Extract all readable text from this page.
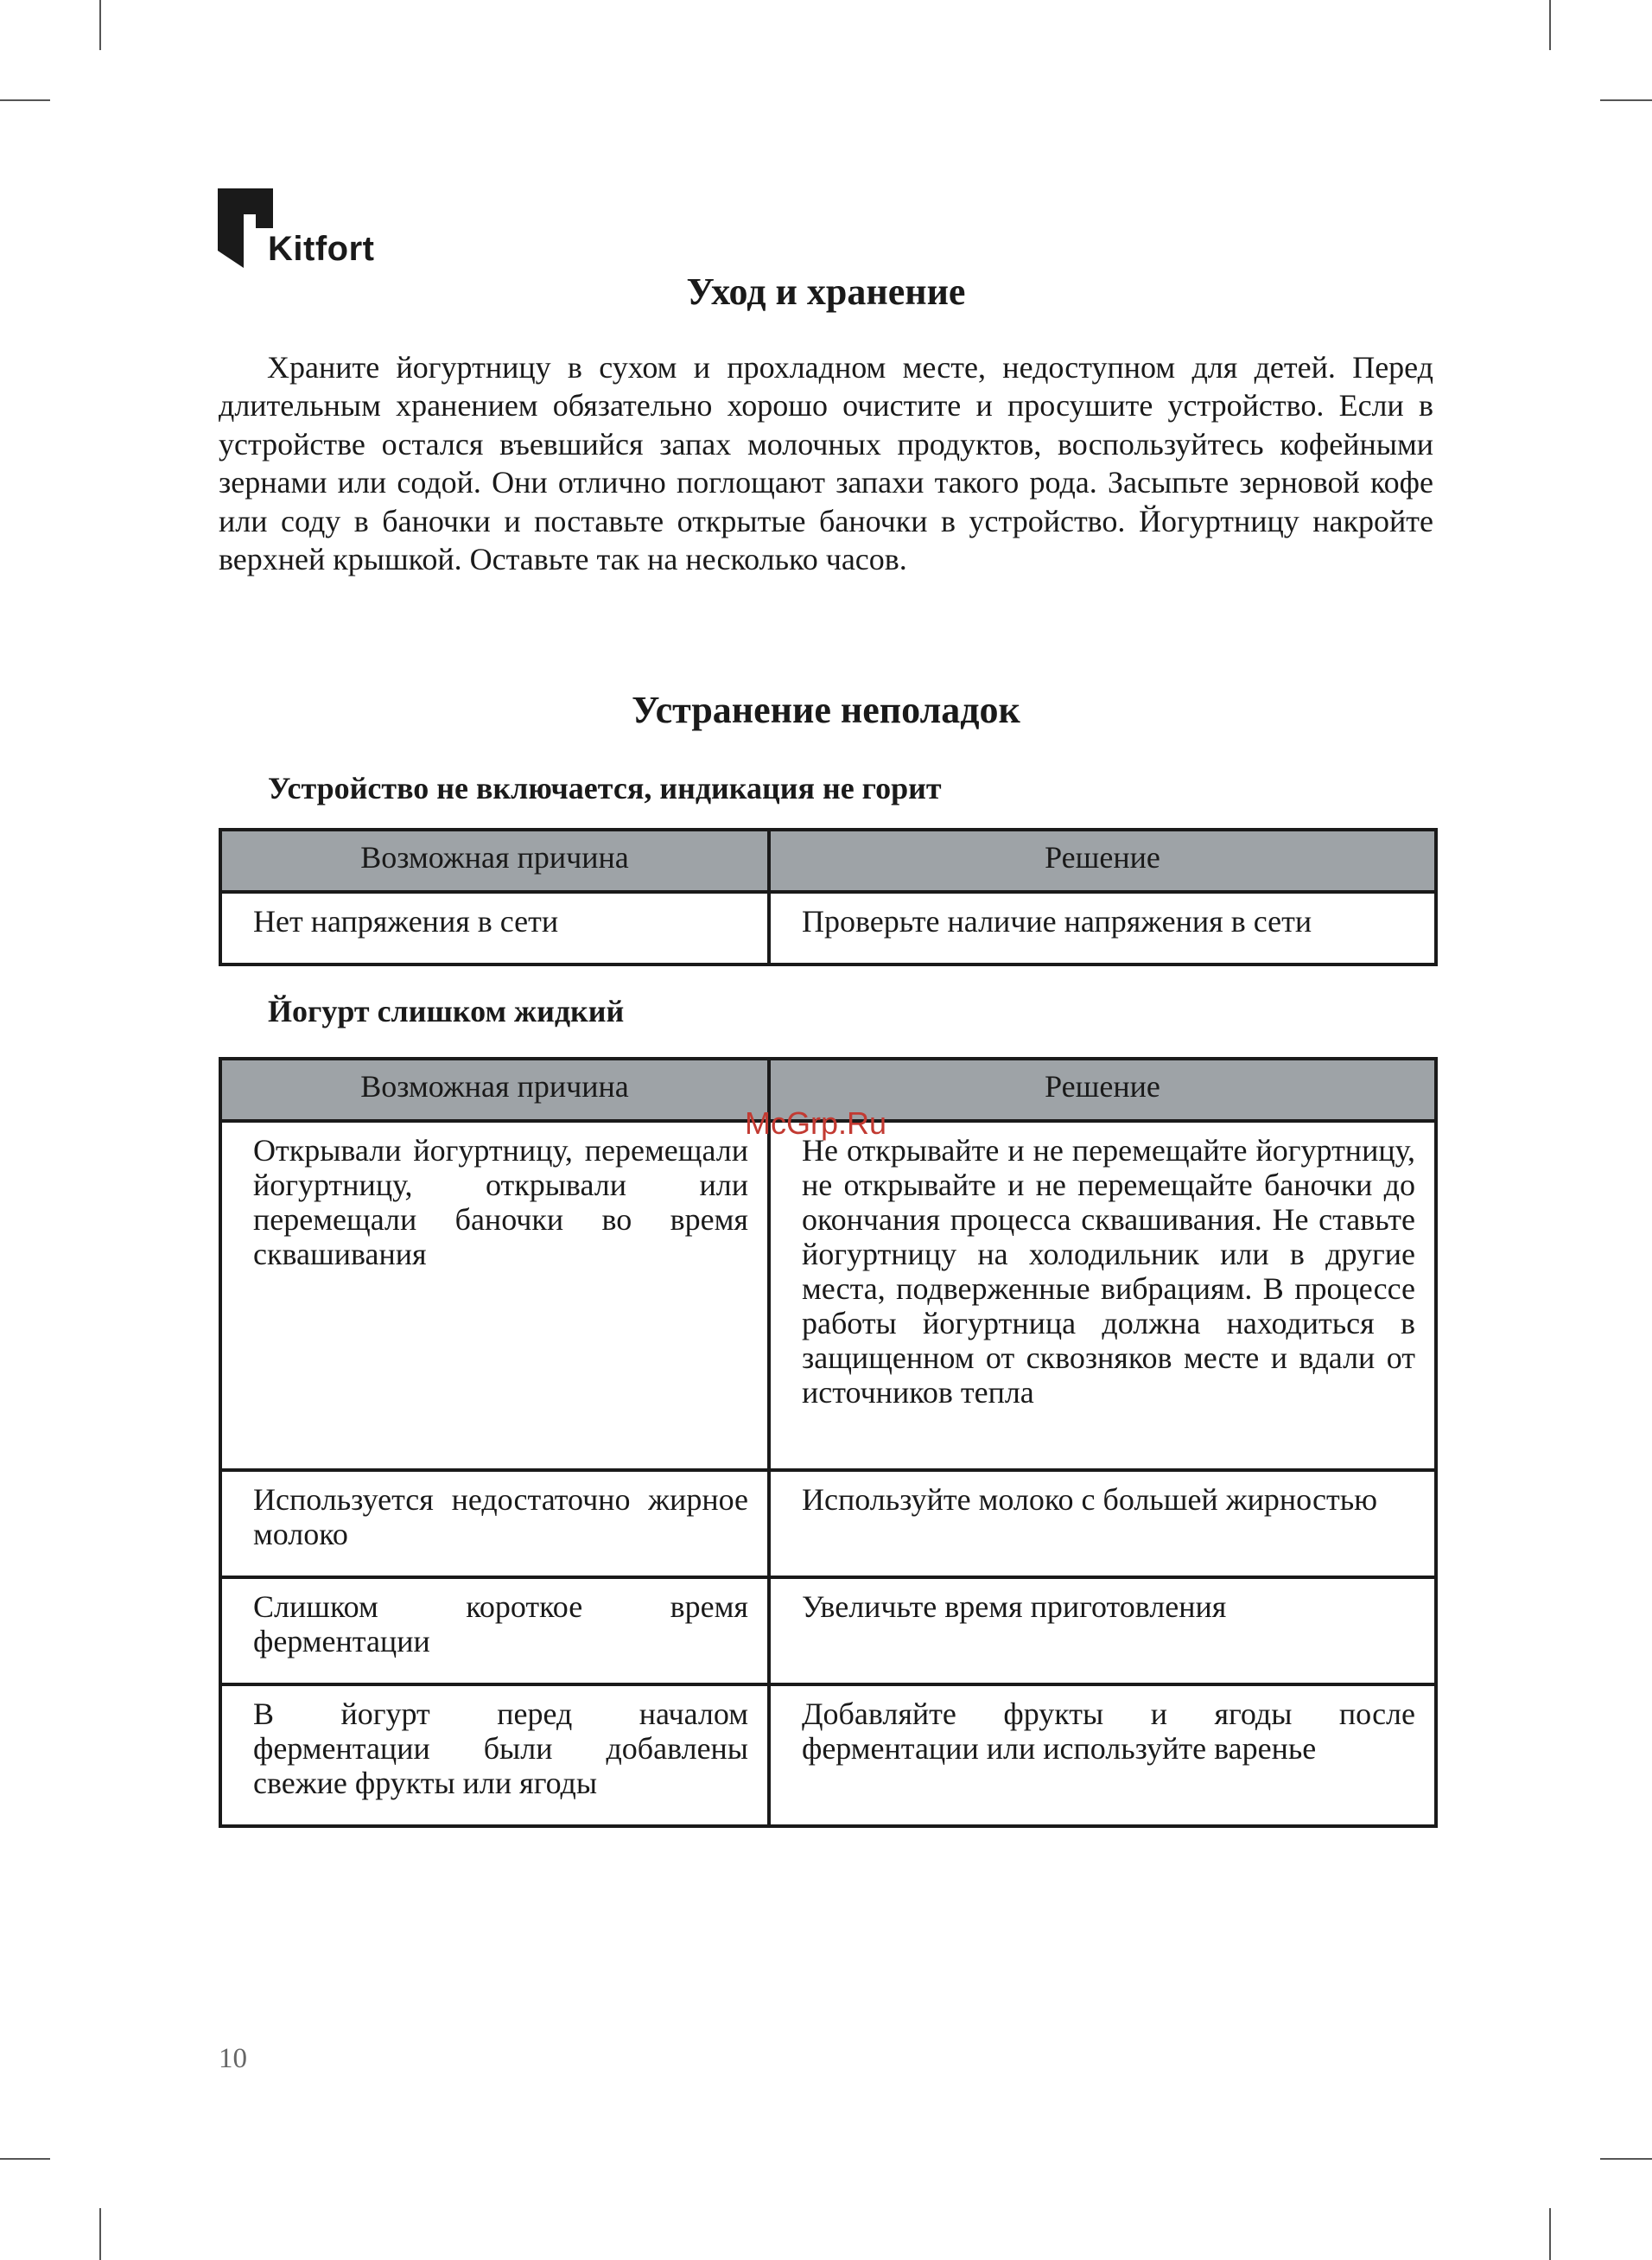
Kitfort
Уход и хранение

Храните йогуртницу в сухом и прохладном месте, недоступном для детей. Перед длительным хранением обязательно хорошо очистите и просушите устройство. Если в устройстве остался въевшийся запах молочных продуктов, воспользуйтесь кофейными зернами или содой. Они отлично поглощают запахи такого рода. Засыпьте зерновой кофе или соду в баночки и поставьте открытые баночки в устройство. Йогуртницу накройте верхней крышкой. Оставьте так на несколько часов.

Устранение неполадок

Устройство не включается, индикация не горит

Возможная причина	Решение
Нет напряжения в сети	Проверьте наличие напряжения в сети

Йогурт слишком жидкий

Возможная причина	Решение
Открывали йогуртницу, перемещали йогуртницу, открывали или перемещали баночки во время сквашивания	Не открывайте и не перемещайте йогуртницу, не открывайте и не перемещайте баночки до окончания процесса сквашивания. Не ставьте йогуртницу на холодильник или в другие места, подверженные вибрациям. В процессе работы йогуртница должна находиться в защищенном от сквозняков месте и вдали от источников тепла
Используется недостаточно жирное молоко	Используйте молоко с большей жирностью
Слишком короткое время ферментации	Увеличьте время приготовления
В йогурт перед началом ферментации были добавлены свежие фрукты или ягоды	Добавляйте фрукты и ягоды после ферментации или используйте варенье
McGrp.Ru
10
